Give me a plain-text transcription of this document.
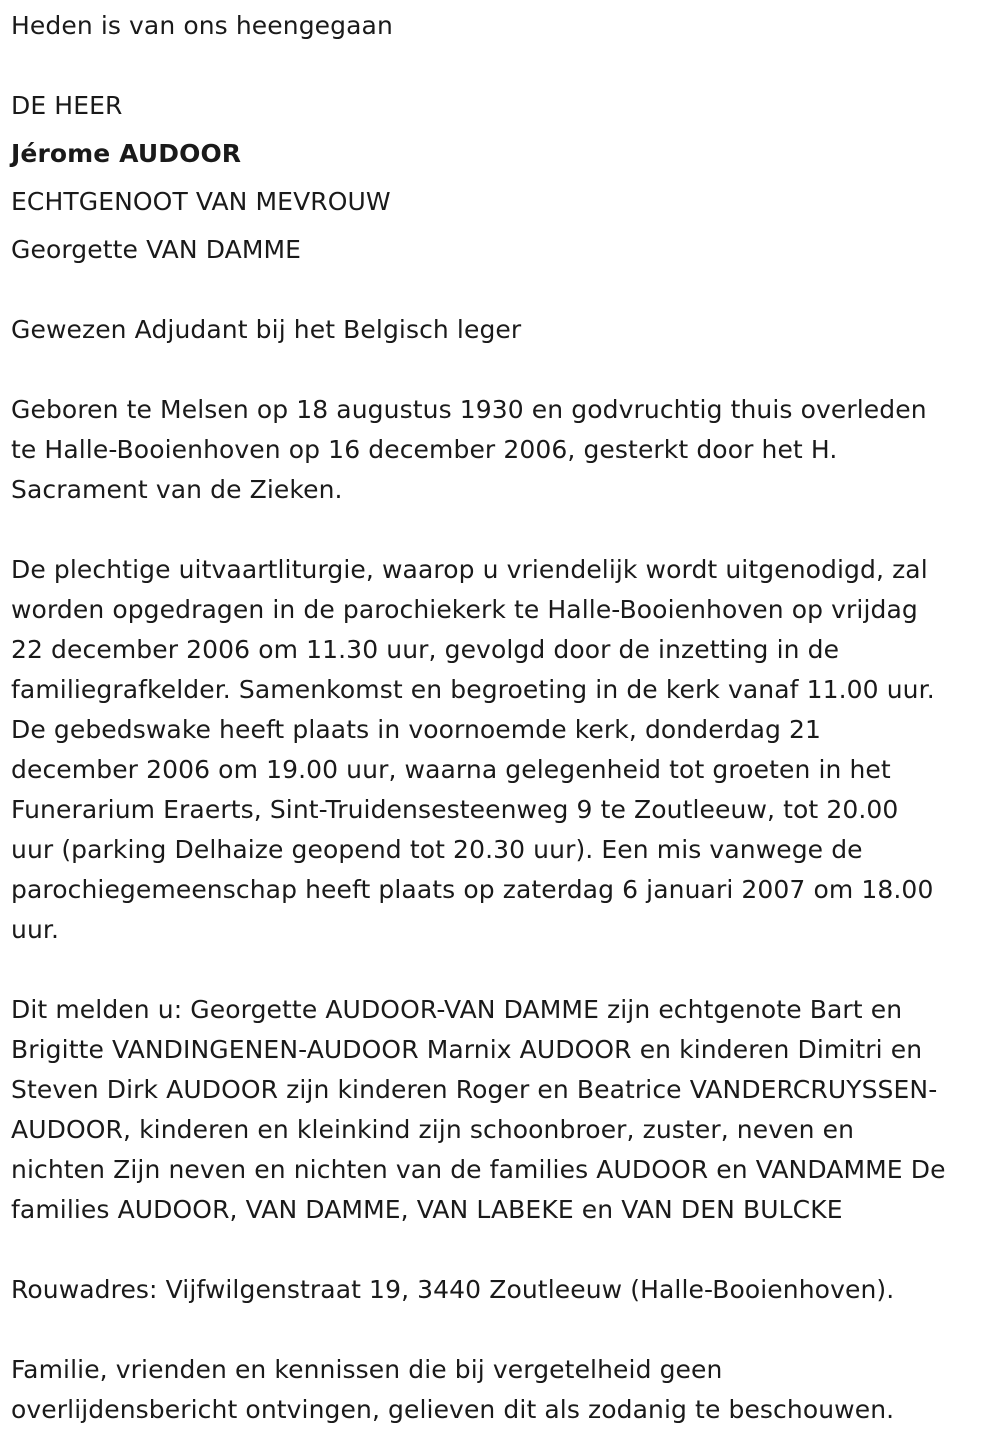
Heden is van ons heengegaan
DE HEER
Jérome AUDOOR
ECHTGENOOT VAN MEVROUW
Georgette VAN DAMME
Gewezen Adjudant bij het Belgisch leger
Geboren te Melsen op 18 augustus 1930 en godvruchtig thuis overleden
te Halle-Booienhoven op 16 december 2006, gesterkt door het H.
Sacrament van de Zieken.
De plechtige uitvaartliturgie, waarop u vriendelijk wordt uitgenodigd, zal
worden opgedragen in de parochiekerk te Halle-Booienhoven op vrijdag
22 december 2006 om 11.30 uur, gevolgd door de inzetting in de
familiegrafkelder. Samenkomst en begroeting in de kerk vanaf 11.00 uur.
De gebedswake heeft plaats in voornoemde kerk, donderdag 21
december 2006 om 19.00 uur, waarna gelegenheid tot groeten in het
Funerarium Eraerts, Sint-Truidensesteenweg 9 te Zoutleeuw, tot 20.00
uur (parking Delhaize geopend tot 20.30 uur). Een mis vanwege de
parochiegemeenschap heeft plaats op zaterdag 6 januari 2007 om 18.00
uur.
Dit melden u: Georgette AUDOOR-VAN DAMME zijn echtgenote Bart en
Brigitte VANDINGENEN-AUDOOR Marnix AUDOOR en kinderen Dimitri en
Steven Dirk AUDOOR zijn kinderen Roger en Beatrice VANDERCRUYSSEN-
AUDOOR, kinderen en kleinkind zijn schoonbroer, zuster, neven en
nichten Zijn neven en nichten van de families AUDOOR en VANDAMME De
families AUDOOR, VAN DAMME, VAN LABEKE en VAN DEN BULCKE
Rouwadres: Vijfwilgenstraat 19, 3440 Zoutleeuw (Halle-Booienhoven).
Familie, vrienden en kennissen die bij vergetelheid geen
overlijdensbericht ontvingen, gelieven dit als zodanig te beschouwen.
